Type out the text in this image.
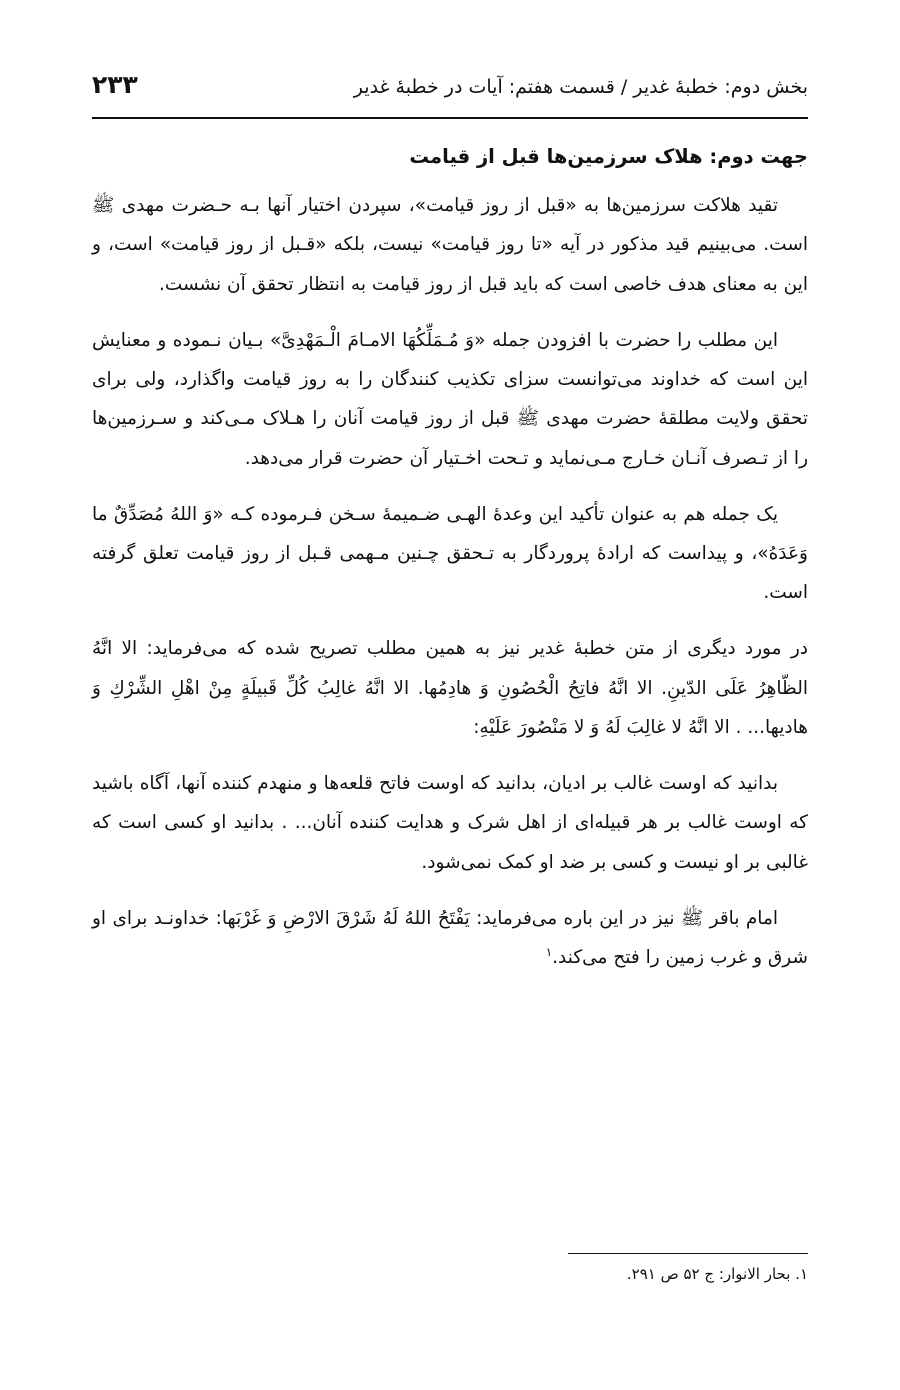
بخش دوم: خطبهٔ غدیر / قسمت هفتم: آیات در خطبهٔ غدیر
۲۳۳
جهت دوم: هلاک سرزمین‌ها قبل از قیامت

تقید هلاکت سرزمین‌ها به «قبل از روز قیامت»، سپردن اختیار آنها بـه حـضرت مهدی ﷺ است. می‌بینیم قید مذکور در آیه «تا روز قیامت» نیست، بلکه «قـبل از روز قیامت» است، و این به معنای هدف خاصی است که باید قبل از روز قیامت به انتظار تحقق آن نشست.

این مطلب را حضرت با افزودن جمله «وَ مُـمَلِّكُهَا الامـامَ الْـمَهْدِیَّ» بـیان نـموده و معنایش این است که خداوند می‌توانست سزای تکذیب کنندگان را به روز قیامت واگذارد، ولی برای تحقق ولایت مطلقهٔ حضرت مهدی ﷺ قبل از روز قیامت آنان را هـلاک مـی‌کند و سـرزمین‌ها را از تـصرف آنـان خـارج مـی‌نماید و تـحت اخـتیار آن حضرت قرار می‌دهد.

یک جمله هم به عنوان تأکید این وعدهٔ الهـی ضـمیمهٔ سـخن فـرموده کـه «وَ اللهُ مُصَدِّقٌ ما وَعَدَهُ»، و پیداست که ارادهٔ پروردگار به تـحقق چـنین مـهمی قـبل از روز قیامت تعلق گرفته است.

در مورد دیگری از متن خطبهٔ غدیر نیز به همین مطلب تصریح شده که می‌فرماید: الا انَّهُ الظّاهِرُ عَلَى الدّینِ. الا انَّهُ فاتِحُ الْحُصُونِ وَ هادِمُها. الا انَّهُ غالِبُ كُلِّ قَبیلَةٍ مِنْ اهْلِ الشِّرْكِ وَ هادیها... . الا انَّهُ لا غالِبَ لَهُ وَ لا مَنْصُورَ عَلَیْهِ:

بدانید که اوست غالب بر ادیان، بدانید که اوست فاتح قلعه‌ها و منهدم کننده آنها، آگاه باشید که اوست غالب بر هر قبیله‌ای از اهل شرک و هدایت کننده آنان... . بدانید او کسی است که غالبی بر او نیست و کسی بر ضد او کمک نمی‌شود.

امام باقر ﷺ نیز در این باره می‌فرماید: یَفْتَحُ اللهُ لَهُ شَرْقَ الارْضِ وَ غَرْبَها: خداونـد برای او شرق و غرب زمین را فتح می‌کند.$^۱$

۱. بحار الانوار: ج ۵۲ ص ۲۹۱.
